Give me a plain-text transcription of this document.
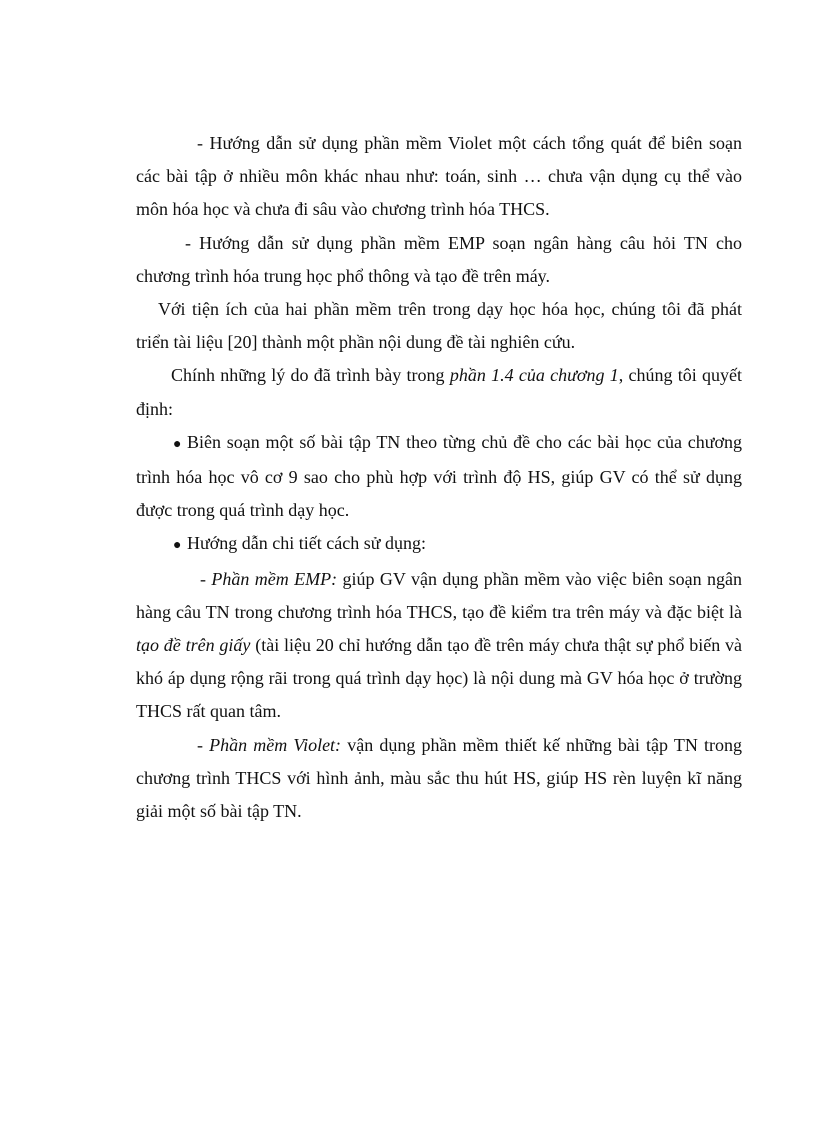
- Hướng dẫn sử dụng phần mềm Violet một cách tổng quát để biên soạn các bài tập ở nhiều môn khác nhau như: toán, sinh … chưa vận dụng cụ thể vào môn hóa học và chưa đi sâu vào chương trình hóa THCS.

- Hướng dẫn sử dụng phần mềm EMP soạn ngân hàng câu hỏi TN cho chương trình hóa trung học phổ thông và tạo đề trên máy.

Với tiện ích của hai phần mềm trên trong dạy học hóa học, chúng tôi đã phát triển tài liệu [20] thành một phần nội dung đề tài nghiên cứu.

Chính những lý do đã trình bày trong phần 1.4 của chương 1, chúng tôi quyết định:

● Biên soạn một số bài tập TN theo từng chủ đề cho các bài học của chương trình hóa học vô cơ 9 sao cho phù hợp với trình độ HS, giúp GV có thể sử dụng được trong quá trình dạy học.

● Hướng dẫn chi tiết cách sử dụng:

- Phần mềm EMP: giúp GV vận dụng phần mềm vào việc biên soạn ngân hàng câu TN trong chương trình hóa THCS, tạo đề kiểm tra trên máy và đặc biệt là tạo đề trên giấy (tài liệu 20 chỉ hướng dẫn tạo đề trên máy chưa thật sự phổ biến và khó áp dụng rộng rãi trong quá trình dạy học) là nội dung mà GV hóa học ở trường THCS rất quan tâm.

- Phần mềm Violet: vận dụng phần mềm thiết kế những bài tập TN trong chương trình THCS với hình ảnh, màu sắc thu hút HS, giúp HS rèn luyện kĩ năng giải một số bài tập TN.
